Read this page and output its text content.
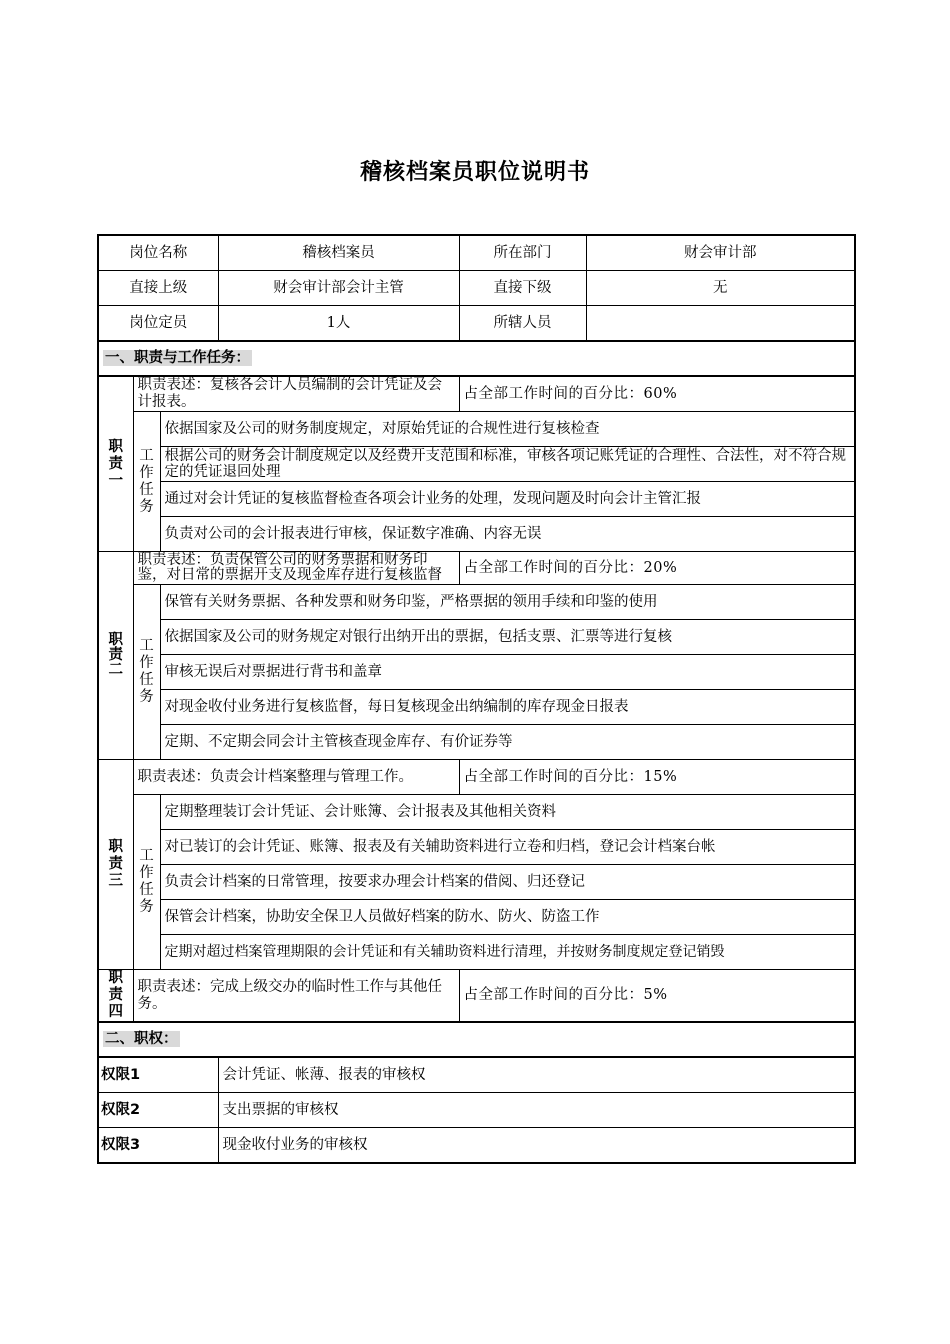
稽核档案员职位说明书
岗位名称			稽核档案员	所在部门	财会审计部
直接上级			财会审计部会计主管	直接下级	无
岗位定员			1人	所辖人员	
一、职责与工作任务：					
职责一	职责表述：复核各会计人员编制的会计凭证及会计报表。			占全部工作时间的百分比：60%	
	工作任务	依据国家及公司的财务制度规定，对原始凭证的合规性进行复核检查			
		根据公司的财务会计制度规定以及经费开支范围和标准，审核各项记账凭证的合理性、合法性，对不符合规定的凭证退回处理			
		通过对会计凭证的复核监督检查各项会计业务的处理，发现问题及时向会计主管汇报			
		负责对公司的会计报表进行审核，保证数字准确、内容无误			
职责二	职责表述：负责保管公司的财务票据和财务印鉴，对日常的票据开支及现金库存进行复核监督			占全部工作时间的百分比：20%	
	工作任务	保管有关财务票据、各种发票和财务印鉴，严格票据的领用手续和印鉴的使用			
		依据国家及公司的财务规定对银行出纳开出的票据，包括支票、汇票等进行复核			
		审核无误后对票据进行背书和盖章			
		对现金收付业务进行复核监督，每日复核现金出纳编制的库存现金日报表			
		定期、不定期会同会计主管核查现金库存、有价证券等			
职责三	职责表述：负责会计档案整理与管理工作。			占全部工作时间的百分比：15%	
	工作任务	定期整理装订会计凭证、会计账簿、会计报表及其他相关资料			
		对已装订的会计凭证、账簿、报表及有关辅助资料进行立卷和归档，登记会计档案台帐			
		负责会计档案的日常管理，按要求办理会计档案的借阅、归还登记			
		保管会计档案，协助安全保卫人员做好档案的防水、防火、防盗工作			
		定期对超过档案管理期限的会计凭证和有关辅助资料进行清理，并按财务制度规定登记销毁			
职责四	职责表述：完成上级交办的临时性工作与其他任务。			占全部工作时间的百分比：5%	
二、职权：					
权限1			会计凭证、帐薄、报表的审核权		
权限2			支出票据的审核权		
权限3			现金收付业务的审核权		
